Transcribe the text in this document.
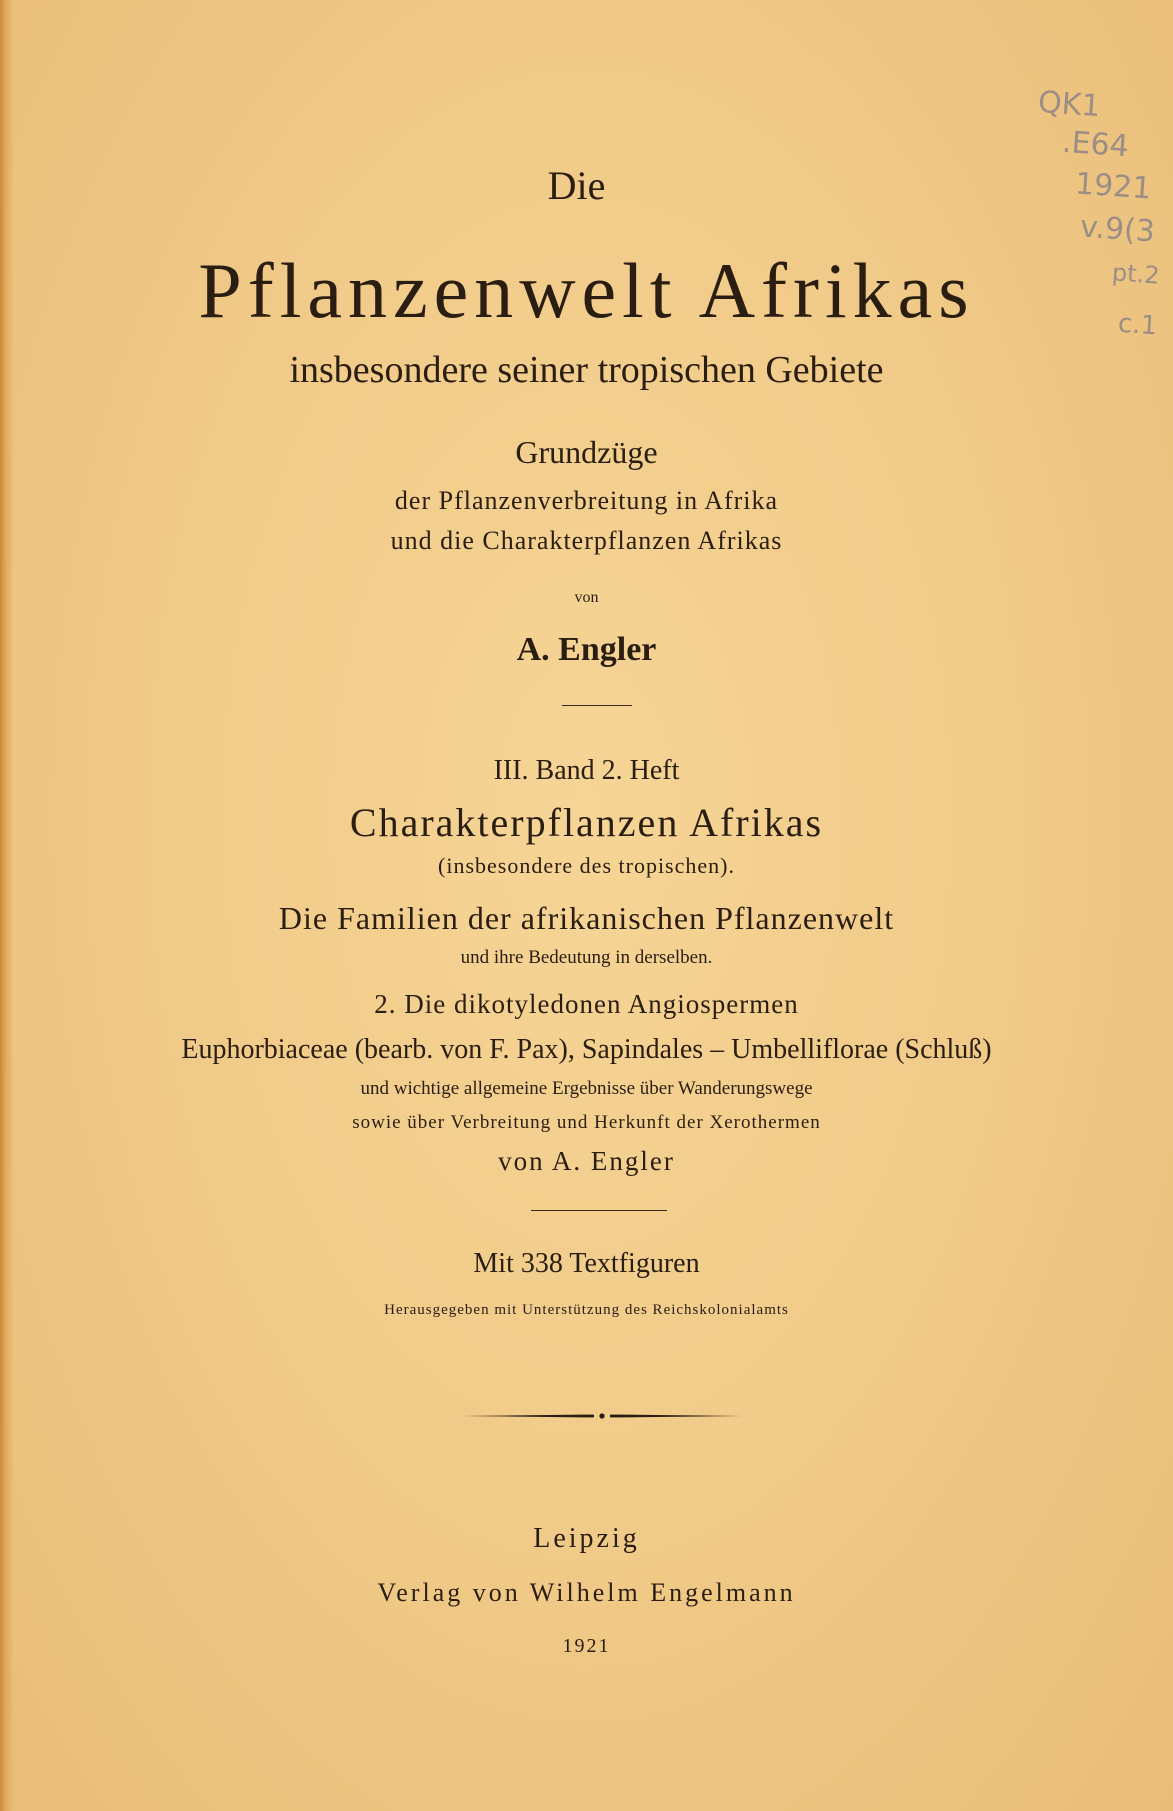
Die
Pflanzenwelt Afrikas
insbesondere seiner tropischen Gebiete
Grundzüge
der Pflanzenverbreitung in Afrika
und die Charakterpflanzen Afrikas
von
A. Engler
III. Band 2. Heft
Charakterpflanzen Afrikas
(insbesondere des tropischen).
Die Familien der afrikanischen Pflanzenwelt
und ihre Bedeutung in derselben.
2. Die dikotyledonen Angiospermen
Euphorbiaceae (bearb. von F. Pax), Sapindales – Umbelliflorae (Schluß)
und wichtige allgemeine Ergebnisse über Wanderungswege
sowie über Verbreitung und Herkunft der Xerothermen
von A. Engler
Mit 338 Textfiguren
Herausgegeben mit Unterstützung des Reichskolonialamts
Leipzig
Verlag von Wilhelm Engelmann
1921
QK1
.E64
1921
v.9(3
pt.2
c.1
